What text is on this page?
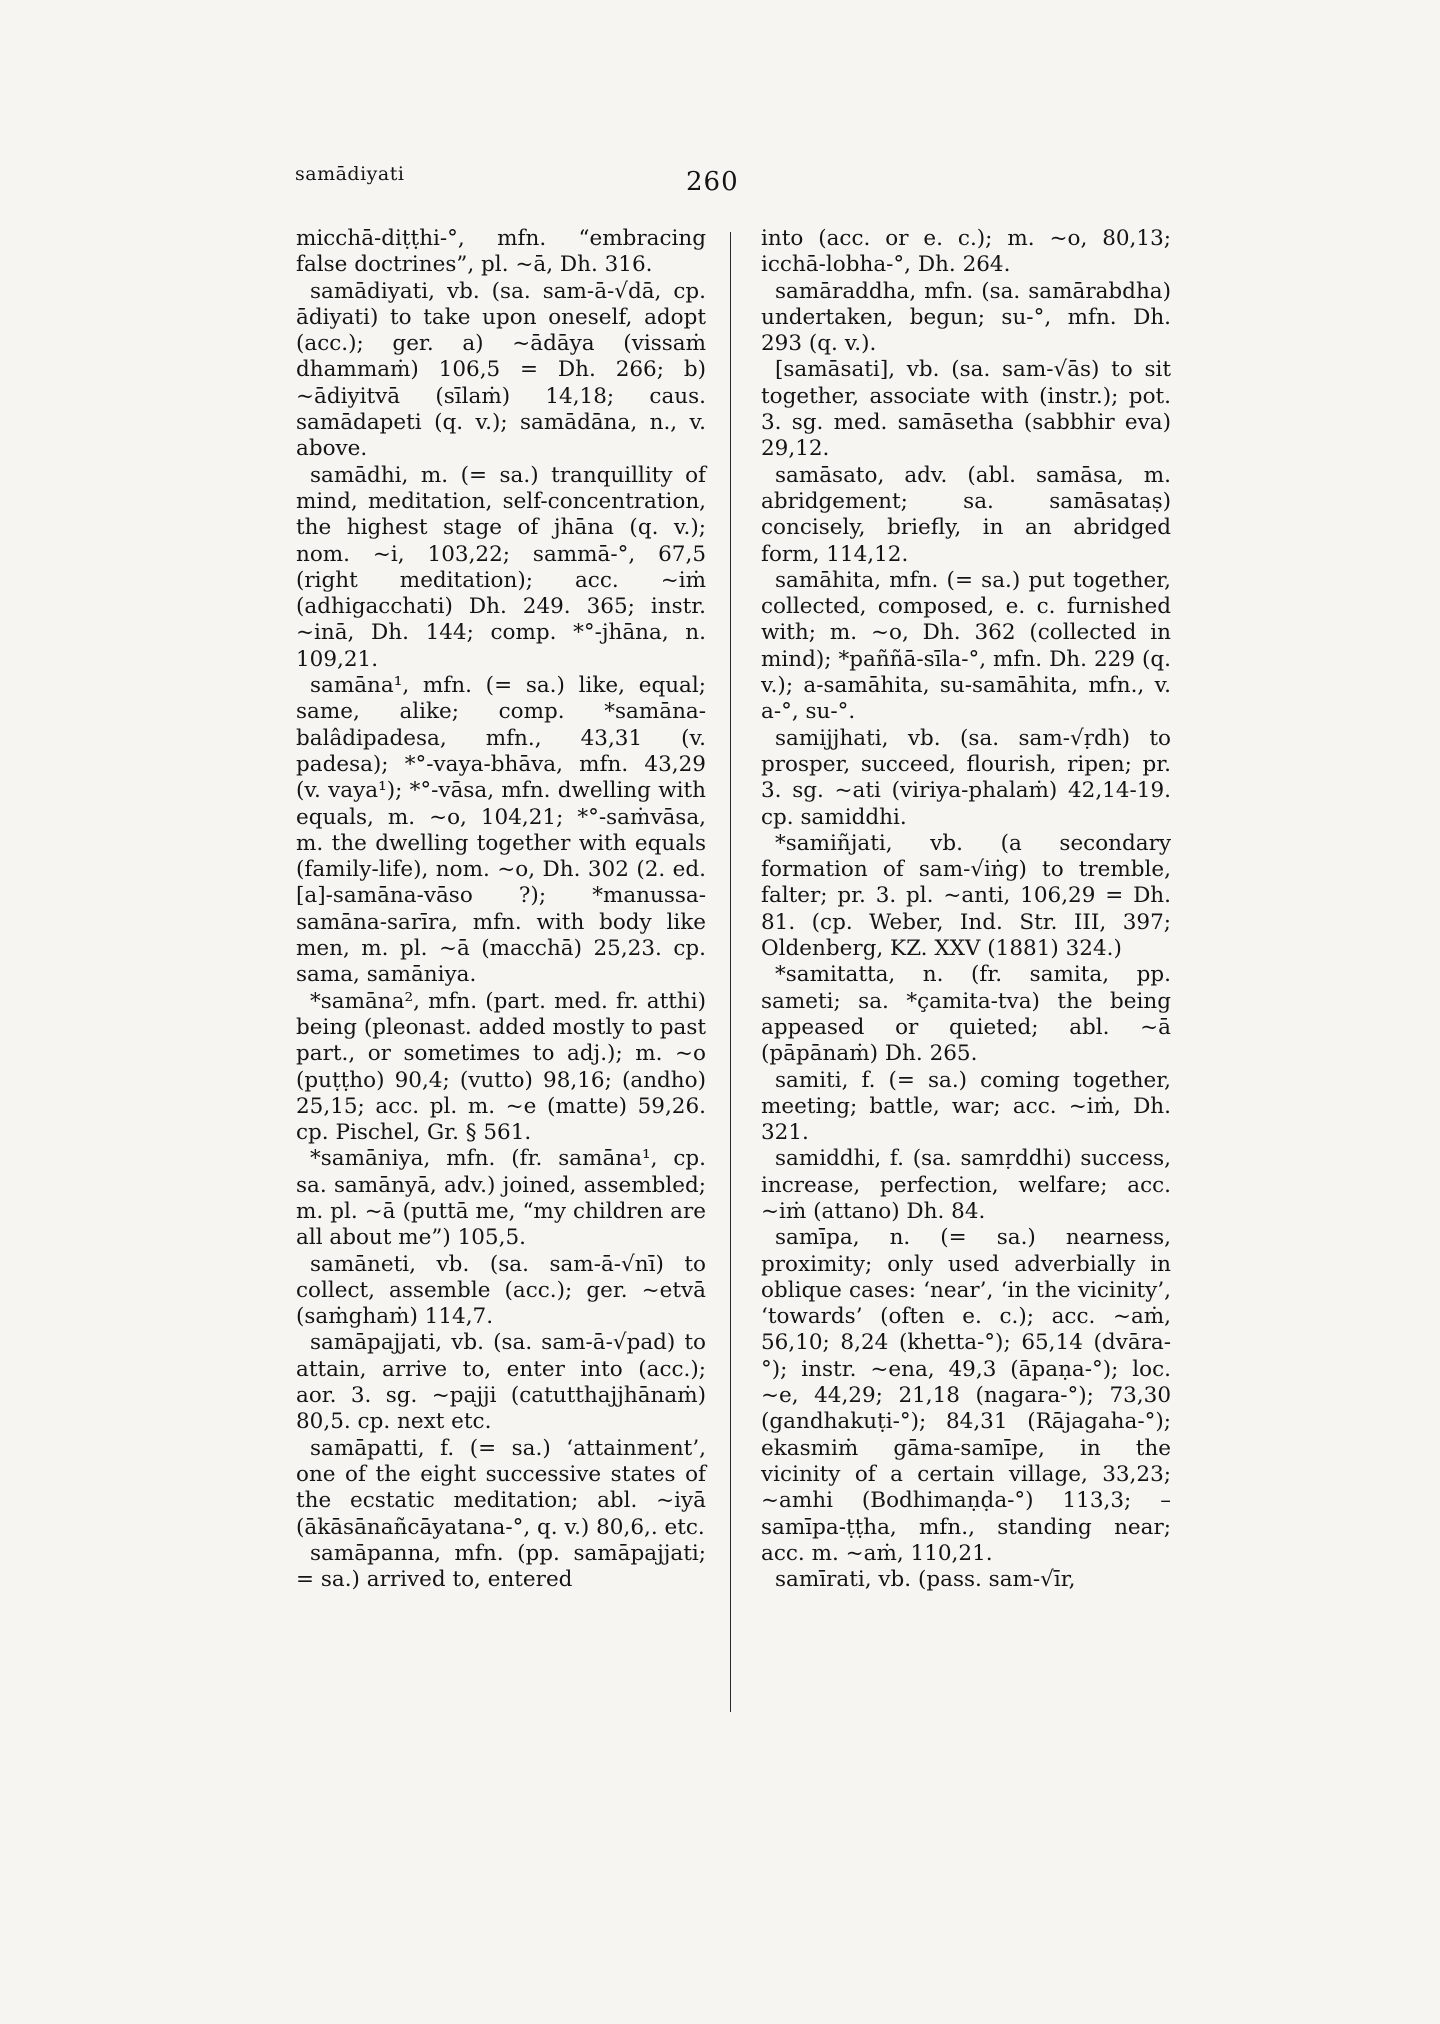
samādiyati	260

micchā-diṭṭhi-°, mfn. “embracing false doctrines”, pl. ~ā, Dh. 316.

samādiyati, vb. (sa. sam-ā-√dā, cp. ādiyati) to take upon oneself, adopt (acc.); ger. a) ~ādāya (vissaṁ dhammaṁ) 106,5 = Dh. 266; b) ~ādiyitvā (sīlaṁ) 14,18; caus. samādapeti (q. v.); samādāna, n., v. above.

samādhi, m. (= sa.) tranquillity of mind, meditation, self-concentration, the highest stage of jhāna (q. v.); nom. ~i, 103,22; sammā-°, 67,5 (right meditation); acc. ~iṁ (adhigacchati) Dh. 249. 365; instr. ~inā, Dh. 144; comp. *°-jhāna, n. 109,21.

samāna¹, mfn. (= sa.) like, equal; same, alike; comp. *samāna-balâdipadesa, mfn., 43,31 (v. padesa); *°-vaya-bhāva, mfn. 43,29 (v. vaya¹); *°-vāsa, mfn. dwelling with equals, m. ~o, 104,21; *°-saṁvāsa, m. the dwelling together with equals (family-life), nom. ~o, Dh. 302 (2. ed. [a]-samāna-vāso ?); *manussa-samāna-sarīra, mfn. with body like men, m. pl. ~ā (macchā) 25,23. cp. sama, samāniya.

*samāna², mfn. (part. med. fr. atthi) being (pleonast. added mostly to past part., or sometimes to adj.); m. ~o (puṭṭho) 90,4; (vutto) 98,16; (andho) 25,15; acc. pl. m. ~e (matte) 59,26. cp. Pischel, Gr. § 561.

*samāniya, mfn. (fr. samāna¹, cp. sa. samānyā, adv.) joined, assembled; m. pl. ~ā (puttā me, “my children are all about me”) 105,5.

samāneti, vb. (sa. sam-ā-√nī) to collect, assemble (acc.); ger. ~etvā (saṁghaṁ) 114,7.

samāpajjati, vb. (sa. sam-ā-√pad) to attain, arrive to, enter into (acc.); aor. 3. sg. ~pajji (catutthajjhānaṁ) 80,5. cp. next etc.

samāpatti, f. (= sa.) ‘attainment’, one of the eight successive states of the ecstatic meditation; abl. ~iyā (ākāsānañcāyatana-°, q. v.) 80,6,. etc.

samāpanna, mfn. (pp. samāpajjati; = sa.) arrived to, entered

into (acc. or e. c.); m. ~o, 80,13; icchā-lobha-°, Dh. 264.

samāraddha, mfn. (sa. samārabdha) undertaken, begun; su-°, mfn. Dh. 293 (q. v.).

[samāsati], vb. (sa. sam-√ās) to sit together, associate with (instr.); pot. 3. sg. med. samāsetha (sabbhir eva) 29,12.

samāsato, adv. (abl. samāsa, m. abridgement; sa. samāsataṣ) concisely, briefly, in an abridged form, 114,12.

samāhita, mfn. (= sa.) put together, collected, composed, e. c. furnished with; m. ~o, Dh. 362 (collected in mind); *paññā-sīla-°, mfn. Dh. 229 (q. v.); a-samāhita, su-samāhita, mfn., v. a-°, su-°.

samijjhati, vb. (sa. sam-√ṛdh) to prosper, succeed, flourish, ripen; pr. 3. sg. ~ati (viriya-phalaṁ) 42,14-19. cp. samiddhi.

*samiñjati, vb. (a secondary formation of sam-√iṅg) to tremble, falter; pr. 3. pl. ~anti, 106,29 = Dh. 81. (cp. Weber, Ind. Str. III, 397; Oldenberg, KZ. XXV (1881) 324.)

*samitatta, n. (fr. samita, pp. sameti; sa. *çamita-tva) the being appeased or quieted; abl. ~ā (pāpānaṁ) Dh. 265.

samiti, f. (= sa.) coming together, meeting; battle, war; acc. ~iṁ, Dh. 321.

samiddhi, f. (sa. samṛddhi) success, increase, perfection, welfare; acc. ~iṁ (attano) Dh. 84.

samīpa, n. (= sa.) nearness, proximity; only used adverbially in oblique cases: ‘near’, ‘in the vicinity’, ‘towards’ (often e. c.); acc. ~aṁ, 56,10; 8,24 (khetta-°); 65,14 (dvāra-°); instr. ~ena, 49,3 (āpaṇa-°); loc. ~e, 44,29; 21,18 (nagara-°); 73,30 (gandhakuṭi-°); 84,31 (Rājagaha-°); ekasmiṁ gāma-samīpe, in the vicinity of a certain village, 33,23; ~amhi (Bodhimaṇḍa-°) 113,3; – samīpa-ṭṭha, mfn., standing near; acc. m. ~aṁ, 110,21.

samīrati, vb. (pass. sam-√īr,
